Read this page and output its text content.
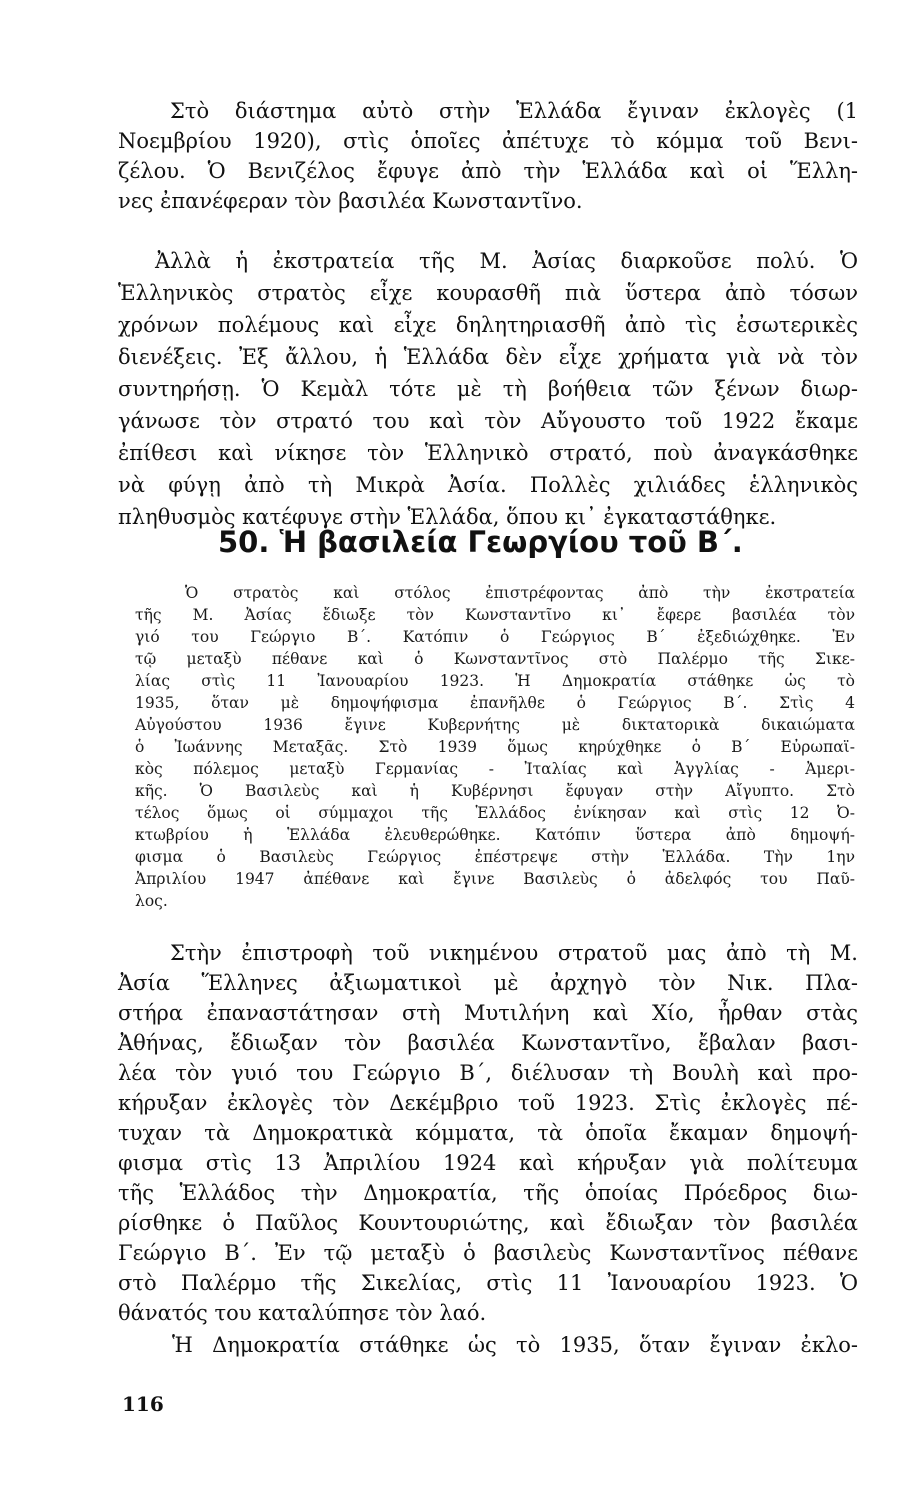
Στὸ διάστημα αὐτὸ στὴν Ἑλλάδα ἔγιναν ἐκλογὲς (1
Νοεμβρίου 1920), στὶς ὁποῖες ἀπέτυχε τὸ κόμμα τοῦ Βενι-
ζέλου. Ὁ Βενιζέλος ἔφυγε ἀπὸ τὴν Ἑλλάδα καὶ οἱ Ἕλλη-
νες ἐπανέφεραν τὸν βασιλέα Κωνσταντῖνο.
Ἀλλὰ ἡ ἐκστρατεία τῆς Μ. Ἀσίας διαρκοῦσε πολύ. Ὁ
Ἑλληνικὸς στρατὸς εἶχε κουρασθῆ πιὰ ὕστερα ἀπὸ τόσων
χρόνων πολέμους καὶ εἶχε δηλητηριασθῆ ἀπὸ τὶς ἐσωτερικὲς
διενέξεις. Ἐξ ἄλλου, ἡ Ἑλλάδα δὲν εἶχε χρήματα γιὰ νὰ τὸν
συντηρήσῃ. Ὁ Κεμὰλ τότε μὲ τὴ βοήθεια τῶν ξένων διωρ-
γάνωσε τὸν στρατό του καὶ τὸν Αὔγουστο τοῦ 1922 ἔκαμε
ἐπίθεσι καὶ νίκησε τὸν Ἑλληνικὸ στρατό, ποὺ ἀναγκάσθηκε
νὰ φύγῃ ἀπὸ τὴ Μικρὰ Ἀσία. Πολλὲς χιλιάδες ἑλληνικὸς
πληθυσμὸς κατέφυγε στὴν Ἑλλάδα, ὅπου κι᾿ ἐγκαταστάθηκε.
50. Ἡ βασιλεία Γεωργίου τοῦ Β΄.
Ὁ στρατὸς καὶ στόλος ἐπιστρέφοντας ἀπὸ τὴν ἐκστρατεία
τῆς Μ. Ἀσίας ἔδιωξε τὸν Κωνσταντῖνο κι᾿ ἔφερε βασιλέα τὸν
γιό του Γεώργιο Β΄. Κατόπιν ὁ Γεώργιος Β΄ ἐξεδιώχθηκε. Ἐν
τῷ μεταξὺ πέθανε καὶ ὁ Κωνσταντῖνος στὸ Παλέρμο τῆς Σικε-
λίας στὶς 11 Ἰανουαρίου 1923. Ἡ Δημοκρατία στάθηκε ὡς τὸ
1935, ὅταν μὲ δημοψήφισμα ἐπανῆλθε ὁ Γεώργιος Β΄. Στὶς 4
Αὐγούστου 1936 ἔγινε Κυβερνήτης μὲ δικτατορικὰ δικαιώματα
ὁ Ἰωάννης Μεταξᾶς. Στὸ 1939 ὅμως κηρύχθηκε ὁ Β΄ Εὐρωπαϊ-
κὸς πόλεμος μεταξὺ Γερμανίας - Ἰταλίας καὶ Ἀγγλίας - Ἀμερι-
κῆς. Ὁ Βασιλεὺς καὶ ἡ Κυβέρνησι ἔφυγαν στὴν Αἴγυπτο. Στὸ
τέλος ὅμως οἱ σύμμαχοι τῆς Ἑλλάδος ἐνίκησαν καὶ στὶς 12 Ὀ-
κτωβρίου ἡ Ἑλλάδα ἐλευθερώθηκε. Κατόπιν ὕστερα ἀπὸ δημοψή-
φισμα ὁ Βασιλεὺς Γεώργιος ἐπέστρεψε στὴν Ἑλλάδα. Τὴν 1ην
Ἀπριλίου 1947 ἀπέθανε καὶ ἔγινε Βασιλεὺς ὁ ἀδελφός του Παῦ-
λος.
Στὴν ἐπιστροφὴ τοῦ νικημένου στρατοῦ μας ἀπὸ τὴ Μ.
Ἀσία Ἕλληνες ἀξιωματικοὶ μὲ ἀρχηγὸ τὸν Νικ. Πλα-
στήρα ἐπαναστάτησαν στὴ Μυτιλήνη καὶ Χίο, ἦρθαν στὰς
Ἀθήνας, ἔδιωξαν τὸν βασιλέα Κωνσταντῖνο, ἔβαλαν βασι-
λέα τὸν γυιό του Γεώργιο Β΄, διέλυσαν τὴ Βουλὴ καὶ προ-
κήρυξαν ἐκλογὲς τὸν Δεκέμβριο τοῦ 1923. Στὶς ἐκλογὲς πέ-
τυχαν τὰ Δημοκρατικὰ κόμματα, τὰ ὁποῖα ἔκαμαν δημοψή-
φισμα στὶς 13 Ἀπριλίου 1924 καὶ κήρυξαν γιὰ πολίτευμα
τῆς Ἑλλάδος τὴν Δημοκρατία, τῆς ὁποίας Πρόεδρος διω-
ρίσθηκε ὁ Παῦλος Κουντουριώτης, καὶ ἔδιωξαν τὸν βασιλέα
Γεώργιο Β΄. Ἐν τῷ μεταξὺ ὁ βασιλεὺς Κωνσταντῖνος πέθανε
στὸ Παλέρμο τῆς Σικελίας, στὶς 11 Ἰανουαρίου 1923. Ὁ
θάνατός του καταλύπησε τὸν λαό.
Ἡ Δημοκρατία στάθηκε ὡς τὸ 1935, ὅταν ἔγιναν ἐκλο-
116
